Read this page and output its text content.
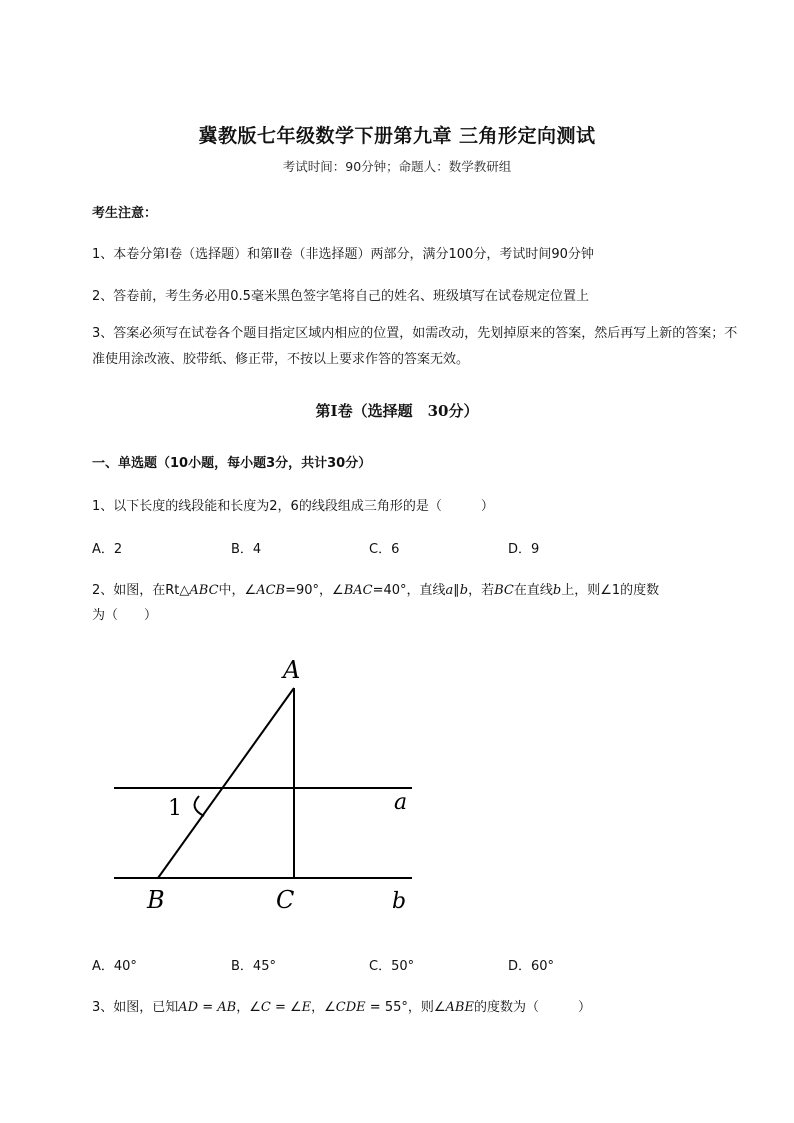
冀教版七年级数学下册第九章 三角形定向测试
考试时间：90分钟；命题人：数学教研组
考生注意：
1、本卷分第I卷（选择题）和第Ⅱ卷（非选择题）两部分，满分100分，考试时间90分钟
2、答卷前，考生务必用0.5毫米黑色签字笔将自己的姓名、班级填写在试卷规定位置上
3、答案必须写在试卷各个题目指定区域内相应的位置，如需改动，先划掉原来的答案，然后再写上新的答案；不准使用涂改液、胶带纸、修正带，不按以上要求作答的答案无效。
第I卷（选择题　30分）
一、单选题（10小题，每小题3分，共计30分）
1、以下长度的线段能和长度为2，6的线段组成三角形的是（　　　）
A．2	B．4	C．6	D．9
2、如图，在Rt△ABC中，∠ACB=90°，∠BAC=40°，直线a∥b，若BC在直线b上，则∠1的度数
为（　　）
A
1	a
B	C	b
A．40°	B．45°	C．50°	D．60°
3、如图，已知AD = AB，∠C = ∠E，∠CDE = 55°，则∠ABE的度数为（　　　）
